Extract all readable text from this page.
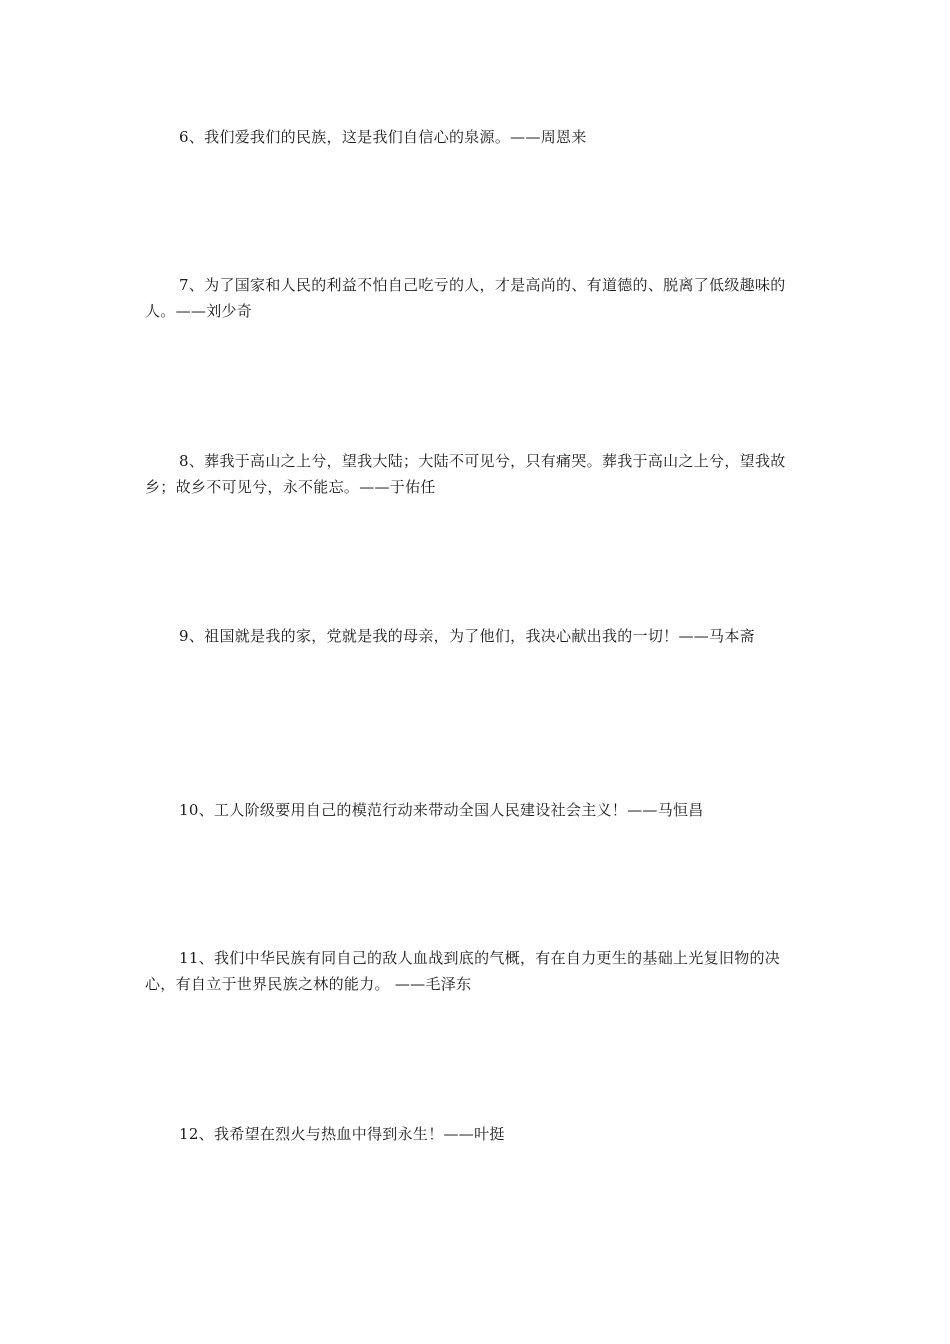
6、我们爱我们的民族，这是我们自信心的泉源。——周恩来

7、为了国家和人民的利益不怕自己吃亏的人，才是高尚的、有道德的、脱离了低级趣味的人。——刘少奇

8、葬我于高山之上兮，望我大陆；大陆不可见兮，只有痛哭。葬我于高山之上兮，望我故乡；故乡不可见兮，永不能忘。——于佑任

9、祖国就是我的家，党就是我的母亲，为了他们，我决心献出我的一切！——马本斋

10、工人阶级要用自己的模范行动来带动全国人民建设社会主义！——马恒昌

11、我们中华民族有同自己的敌人血战到底的气概，有在自力更生的基础上光复旧物的决心，有自立于世界民族之林的能力。 ——毛泽东

12、我希望在烈火与热血中得到永生！——叶挺
